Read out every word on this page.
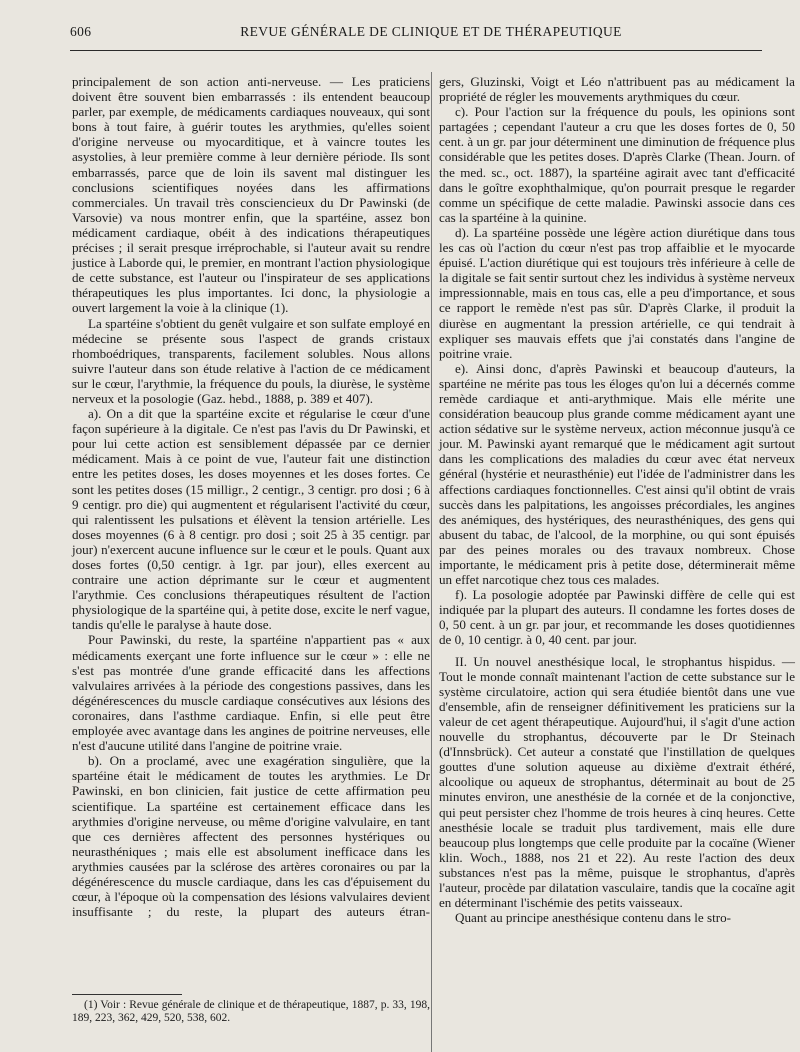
606	REVUE GÉNÉRALE DE CLINIQUE ET DE THÉRAPEUTIQUE

principalement de son action anti-nerveuse. — Les praticiens doivent être souvent bien embarrassés : ils entendent beaucoup parler, par exemple, de médicaments cardiaques nouveaux, qui sont bons à tout faire, à guérir toutes les arythmies, qu'elles soient d'origine nerveuse ou myocarditique, et à vaincre toutes les asystolies, à leur première comme à leur dernière période. Ils sont embarrassés, parce que de loin ils savent mal distinguer les conclusions scientifiques noyées dans les affirmations commerciales. Un travail très consciencieux du Dr Pawinski (de Varsovie) va nous montrer enfin, que la spartéine, assez bon médicament cardiaque, obéit à des indications thérapeutiques précises ; il serait presque irréprochable, si l'auteur avait su rendre justice à Laborde qui, le premier, en montrant l'action physiologique de cette substance, est l'auteur ou l'inspirateur de ses applications thérapeutiques les plus importantes. Ici donc, la physiologie a ouvert largement la voie à la clinique (1).

La spartéine s'obtient du genêt vulgaire et son sulfate employé en médecine se présente sous l'aspect de grands cristaux rhomboédriques, transparents, facilement solubles. Nous allons suivre l'auteur dans son étude relative à l'action de ce médicament sur le cœur, l'arythmie, la fréquence du pouls, la diurèse, le système nerveux et la posologie (Gaz. hebd., 1888, p. 389 et 407).

a). On a dit que la spartéine excite et régularise le cœur d'une façon supérieure à la digitale. Ce n'est pas l'avis du Dr Pawinski, et pour lui cette action est sensiblement dépassée par ce dernier médicament. Mais à ce point de vue, l'auteur fait une distinction entre les petites doses, les doses moyennes et les doses fortes. Ce sont les petites doses (15 milligr., 2 centigr., 3 centigr. pro dosi ; 6 à 9 centigr. pro die) qui augmentent et régularisent l'activité du cœur, qui ralentissent les pulsations et élèvent la tension artérielle. Les doses moyennes (6 à 8 centigr. pro dosi ; soit 25 à 35 centigr. par jour) n'exercent aucune influence sur le cœur et le pouls. Quant aux doses fortes (0,50 centigr. à 1gr. par jour), elles exercent au contraire une action déprimante sur le cœur et augmentent l'arythmie. Ces conclusions thérapeutiques résultent de l'action physiologique de la spartéine qui, à petite dose, excite le nerf vague, tandis qu'elle le paralyse à haute dose.

Pour Pawinski, du reste, la spartéine n'appartient pas « aux médicaments exerçant une forte influence sur le cœur » : elle ne s'est pas montrée d'une grande efficacité dans les affections valvulaires arrivées à la période des congestions passives, dans les dégénérescences du muscle cardiaque consécutives aux lésions des coronaires, dans l'asthme cardiaque. Enfin, si elle peut être employée avec avantage dans les angines de poitrine nerveuses, elle n'est d'aucune utilité dans l'angine de poitrine vraie.

b). On a proclamé, avec une exagération singulière, que la spartéine était le médicament de toutes les arythmies. Le Dr Pawinski, en bon clinicien, fait justice de cette affirmation peu scientifique. La spartéine est certainement efficace dans les arythmies d'origine nerveuse, ou même d'origine valvulaire, en tant que ces dernières affectent des personnes hystériques ou neurasthéniques ; mais elle est absolument inefficace dans les arythmies causées par la sclérose des artères coronaires ou par la dégénérescence du muscle cardiaque, dans les cas d'épuisement du cœur, à l'époque où la compensation des lésions valvulaires devient insuffisante ; du reste, la plupart des auteurs étran-

gers, Gluzinski, Voigt et Léo n'attribuent pas au médicament la propriété de régler les mouvements arythmiques du cœur.

c). Pour l'action sur la fréquence du pouls, les opinions sont partagées ; cependant l'auteur a cru que les doses fortes de 0, 50 cent. à un gr. par jour déterminent une diminution de fréquence plus considérable que les petites doses. D'après Clarke (Thean. Journ. of the med. sc., oct. 1887), la spartéine agirait avec tant d'efficacité dans le goître exophthalmique, qu'on pourrait presque le regarder comme un spécifique de cette maladie. Pawinski associe dans ces cas la spartéine à la quinine.

d). La spartéine possède une légère action diurétique dans tous les cas où l'action du cœur n'est pas trop affaiblie et le myocarde épuisé. L'action diurétique qui est toujours très inférieure à celle de la digitale se fait sentir surtout chez les individus à système nerveux impressionnable, mais en tous cas, elle a peu d'importance, et sous ce rapport le remède n'est pas sûr. D'après Clarke, il produit la diurèse en augmentant la pression artérielle, ce qui tendrait à expliquer ses mauvais effets que j'ai constatés dans l'angine de poitrine vraie.

e). Ainsi donc, d'après Pawinski et beaucoup d'auteurs, la spartéine ne mérite pas tous les éloges qu'on lui a décernés comme remède cardiaque et anti-arythmique. Mais elle mérite une considération beaucoup plus grande comme médicament ayant une action sédative sur le système nerveux, action méconnue jusqu'à ce jour. M. Pawinski ayant remarqué que le médicament agit surtout dans les complications des maladies du cœur avec état nerveux général (hystérie et neurasthénie) eut l'idée de l'administrer dans les affections cardiaques fonctionnelles. C'est ainsi qu'il obtint de vrais succès dans les palpitations, les angoisses précordiales, les angines des anémiques, des hystériques, des neurasthéniques, des gens qui abusent du tabac, de l'alcool, de la morphine, ou qui sont épuisés par des peines morales ou des travaux nombreux. Chose importante, le médicament pris à petite dose, déterminerait même un effet narcotique chez tous ces malades.

f). La posologie adoptée par Pawinski diffère de celle qui est indiquée par la plupart des auteurs. Il condamne les fortes doses de 0, 50 cent. à un gr. par jour, et recommande les doses quotidiennes de 0, 10 centigr. à 0, 40 cent. par jour.

II. Un nouvel anesthésique local, le strophantus hispidus. — Tout le monde connaît maintenant l'action de cette substance sur le système circulatoire, action qui sera étudiée bientôt dans une vue d'ensemble, afin de renseigner définitivement les praticiens sur la valeur de cet agent thérapeutique. Aujourd'hui, il s'agit d'une action nouvelle du strophantus, découverte par le Dr Steinach (d'Innsbrück). Cet auteur a constaté que l'instillation de quelques gouttes d'une solution aqueuse au dixième d'extrait éthéré, alcoolique ou aqueux de strophantus, déterminait au bout de 25 minutes environ, une anesthésie de la cornée et de la conjonctive, qui peut persister chez l'homme de trois heures à cinq heures. Cette anesthésie locale se traduit plus tardivement, mais elle dure beaucoup plus longtemps que celle produite par la cocaïne (Wiener klin. Woch., 1888, nos 21 et 22). Au reste l'action des deux substances n'est pas la même, puisque le strophantus, d'après l'auteur, procède par dilatation vasculaire, tandis que la cocaïne agit en déterminant l'ischémie des petits vaisseaux.

Quant au principe anesthésique contenu dans le stro-

(1) Voir : Revue générale de clinique et de thérapeutique, 1887, p. 33, 198, 189, 223, 362, 429, 520, 538, 602.
